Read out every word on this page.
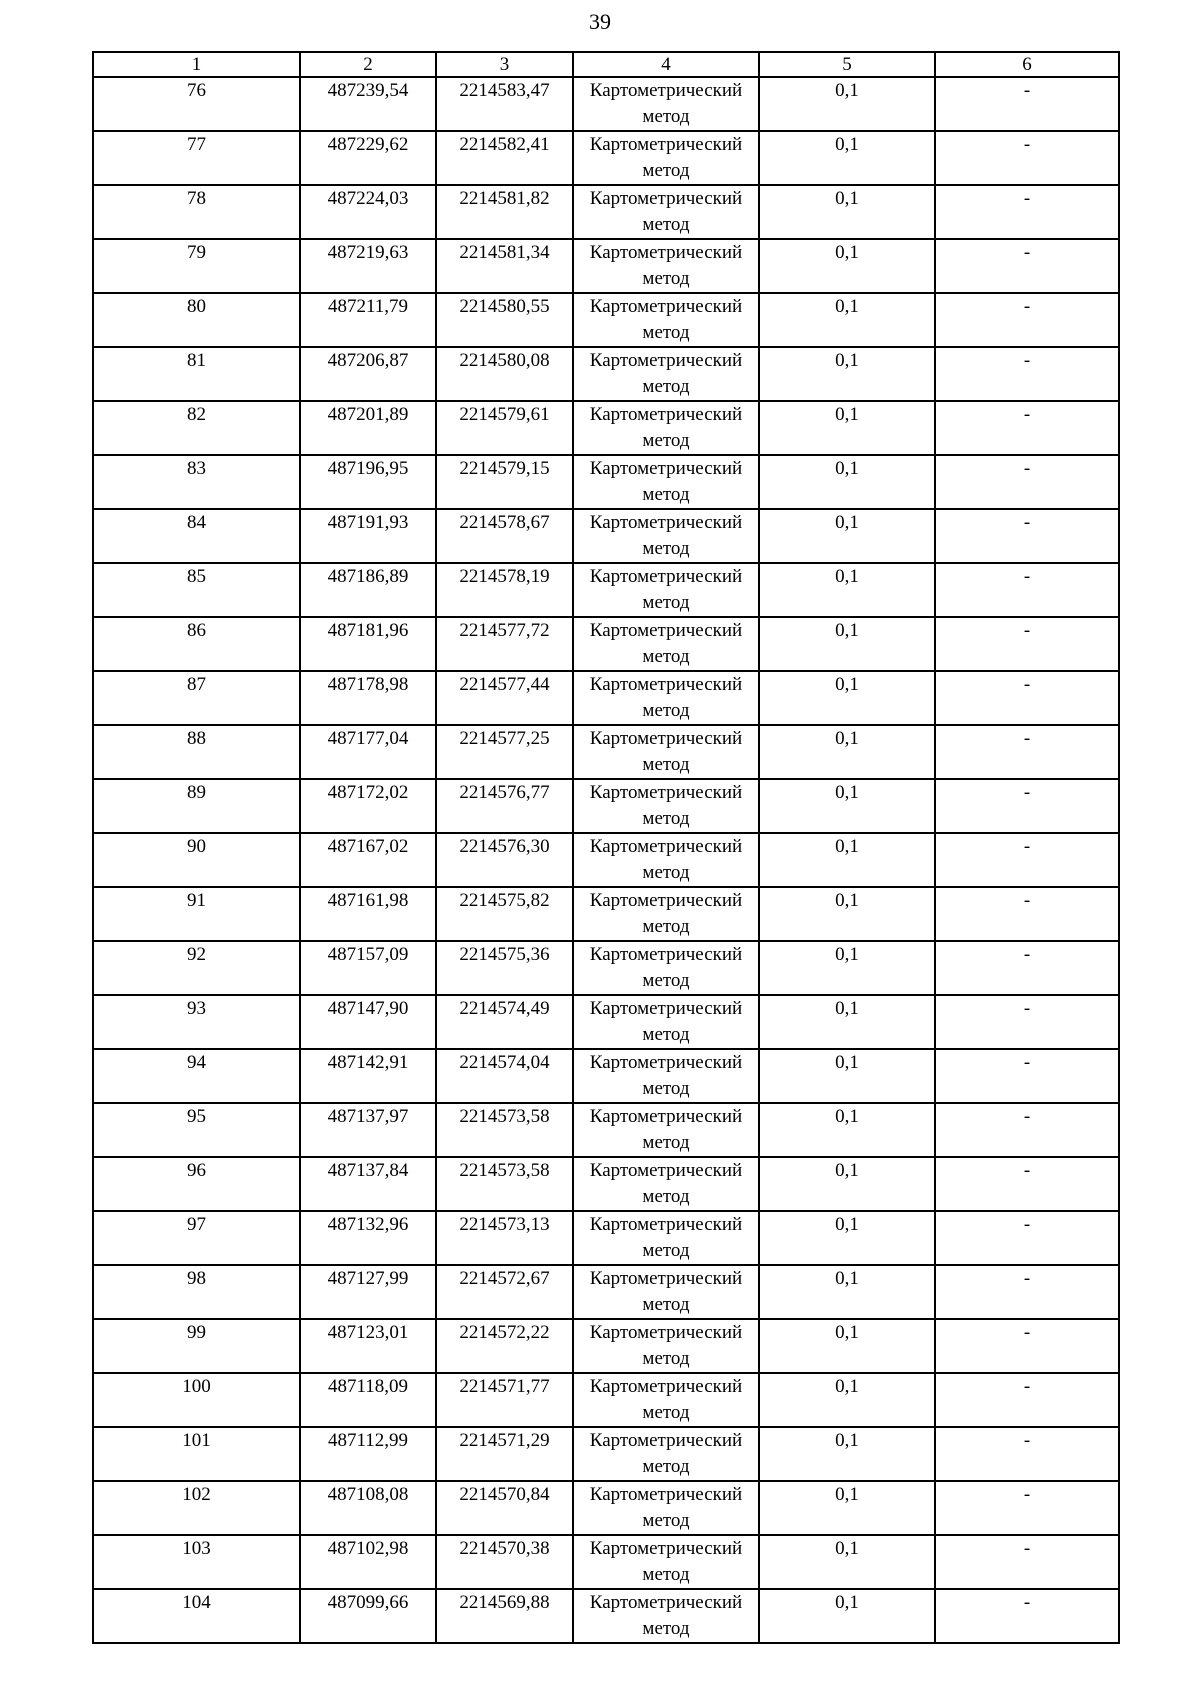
39
1	2	3	4	5	6
76	487239,54	2214583,47	Картометрический метод	0,1	-
77	487229,62	2214582,41	Картометрический метод	0,1	-
78	487224,03	2214581,82	Картометрический метод	0,1	-
79	487219,63	2214581,34	Картометрический метод	0,1	-
80	487211,79	2214580,55	Картометрический метод	0,1	-
81	487206,87	2214580,08	Картометрический метод	0,1	-
82	487201,89	2214579,61	Картометрический метод	0,1	-
83	487196,95	2214579,15	Картометрический метод	0,1	-
84	487191,93	2214578,67	Картометрический метод	0,1	-
85	487186,89	2214578,19	Картометрический метод	0,1	-
86	487181,96	2214577,72	Картометрический метод	0,1	-
87	487178,98	2214577,44	Картометрический метод	0,1	-
88	487177,04	2214577,25	Картометрический метод	0,1	-
89	487172,02	2214576,77	Картометрический метод	0,1	-
90	487167,02	2214576,30	Картометрический метод	0,1	-
91	487161,98	2214575,82	Картометрический метод	0,1	-
92	487157,09	2214575,36	Картометрический метод	0,1	-
93	487147,90	2214574,49	Картометрический метод	0,1	-
94	487142,91	2214574,04	Картометрический метод	0,1	-
95	487137,97	2214573,58	Картометрический метод	0,1	-
96	487137,84	2214573,58	Картометрический метод	0,1	-
97	487132,96	2214573,13	Картометрический метод	0,1	-
98	487127,99	2214572,67	Картометрический метод	0,1	-
99	487123,01	2214572,22	Картометрический метод	0,1	-
100	487118,09	2214571,77	Картометрический метод	0,1	-
101	487112,99	2214571,29	Картометрический метод	0,1	-
102	487108,08	2214570,84	Картометрический метод	0,1	-
103	487102,98	2214570,38	Картометрический метод	0,1	-
104	487099,66	2214569,88	Картометрический метод	0,1	-
